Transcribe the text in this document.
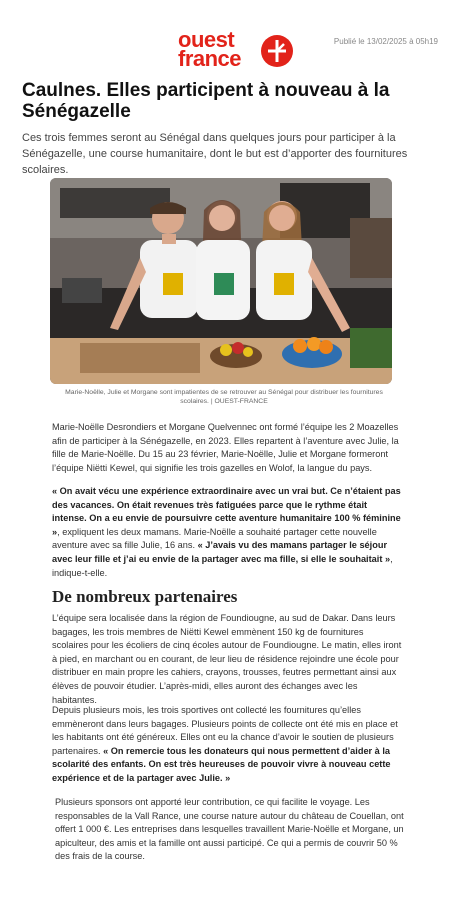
ouest
france
Publié le 13/02/2025 à 05h19
Caulnes. Elles participent à nouveau à la Sénégazelle

Ces trois femmes seront au Sénégal dans quelques jours pour participer à la Sénégazelle, une course humanitaire, dont le but est d’apporter des fournitures scolaires.

Marie-Noëlle, Julie et Morgane sont impatientes de se retrouver au Sénégal pour distribuer les fournitures scolaires. | OUEST-FRANCE

Marie-Noëlle Desrondiers et Morgane Quelvennec ont formé l’équipe les 2 Moazelles afin de participer à la Sénégazelle, en 2023. Elles repartent à l’aventure avec Julie, la fille de Marie-Noëlle. Du 15 au 23 février, Marie-Noëlle, Julie et Morgane formeront l’équipe Niëtti Kewel, qui signifie les trois gazelles en Wolof, la langue du pays.

« On avait vécu une expérience extraordinaire avec un vrai but. Ce n’étaient pas des vacances. On était revenues très fatiguées parce que le rythme était intense. On a eu envie de poursuivre cette aventure humanitaire 100 % féminine », expliquent les deux mamans. Marie-Noëlle a souhaité partager cette nouvelle aventure avec sa fille Julie, 16 ans. « J’avais vu des mamans partager le séjour avec leur fille et j’ai eu envie de la partager avec ma fille, si elle le souhaitait », indique-t-elle.

De nombreux partenaires

L’équipe sera localisée dans la région de Foundiougne, au sud de Dakar. Dans leurs bagages, les trois membres de Niëtti Kewel emmènent 150 kg de fournitures scolaires pour les écoliers de cinq écoles autour de Foundiougne. Le matin, elles iront à pied, en marchant ou en courant, de leur lieu de résidence rejoindre une école pour distribuer en main propre les cahiers, crayons, trousses, feutres permettant ainsi aux élèves de pouvoir étudier. L’après-midi, elles auront des échanges avec les habitantes.

Depuis plusieurs mois, les trois sportives ont collecté les fournitures qu’elles emmèneront dans leurs bagages. Plusieurs points de collecte ont été mis en place et les habitants ont été généreux. Elles ont eu la chance d’avoir le soutien de plusieurs partenaires. « On remercie tous les donateurs qui nous permettent d’aider à la scolarité des enfants. On est très heureuses de pouvoir vivre à nouveau cette expérience et de la partager avec Julie. »

Plusieurs sponsors ont apporté leur contribution, ce qui facilite le voyage. Les responsables de la Vall Rance, une course nature autour du château de Couellan, ont offert 1 000 €. Les entreprises dans lesquelles travaillent Marie-Noëlle et Morgane, un apiculteur, des amis et la famille ont aussi participé. Ce qui a permis de couvrir 50 % des frais de la course.
